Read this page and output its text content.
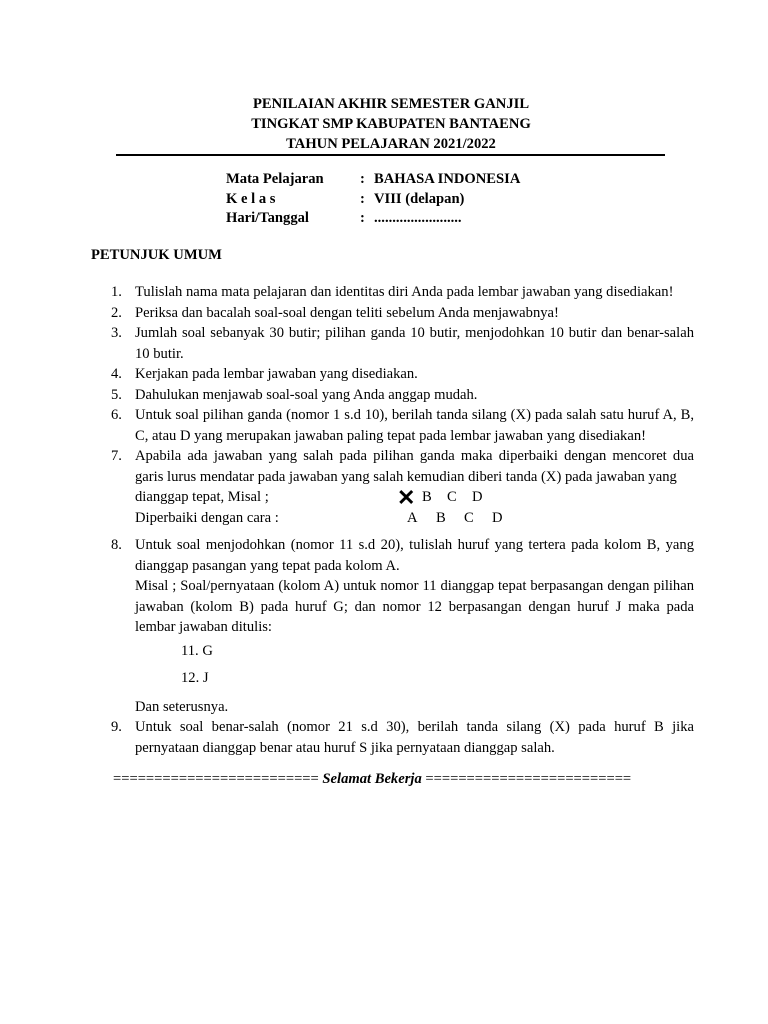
PENILAIAN AKHIR SEMESTER GANJIL
TINGKAT SMP KABUPATEN BANTAENG
TAHUN PELAJARAN 2021/2022
Mata Pelajaran	: BAHASA INDONESIA
K e l a s	: VIII (delapan)
Hari/Tanggal	: ........................
PETUNJUK UMUM
1. Tulislah nama mata pelajaran dan identitas diri Anda pada lembar jawaban yang disediakan!
2. Periksa dan bacalah soal-soal dengan teliti sebelum Anda menjawabnya!
3. Jumlah soal sebanyak 30 butir; pilihan ganda 10 butir, menjodohkan 10 butir dan benar-salah 10 butir.
4. Kerjakan pada lembar jawaban yang disediakan.
5. Dahulukan menjawab soal-soal yang Anda anggap mudah.
6. Untuk soal pilihan ganda (nomor 1 s.d 10), berilah tanda silang (X) pada salah satu huruf A, B, C, atau D yang merupakan jawaban paling tepat pada lembar jawaban yang disediakan!
7. Apabila ada jawaban yang salah pada pilihan ganda maka diperbaiki dengan mencoret dua garis lurus mendatar pada jawaban yang salah kemudian diberi tanda (X) pada jawaban yang
dianggap tepat, Misal ;	✕ B	C	D
Diperbaiki dengan cara :	A	B	C	D
8. Untuk soal menjodohkan (nomor 11 s.d 20), tulislah huruf yang tertera pada kolom B, yang dianggap pasangan yang tepat pada kolom A.
Misal ; Soal/pernyataan (kolom A) untuk nomor 11 dianggap tepat berpasangan dengan pilihan jawaban (kolom B) pada huruf G; dan nomor 12 berpasangan dengan huruf J maka pada lembar jawaban ditulis:
11. G
12. J
Dan seterusnya.
9. Untuk soal benar-salah (nomor 21 s.d 30), berilah tanda silang (X) pada huruf B jika pernyataan dianggap benar atau huruf S jika pernyataan dianggap salah.
========================= Selamat Bekerja =========================
